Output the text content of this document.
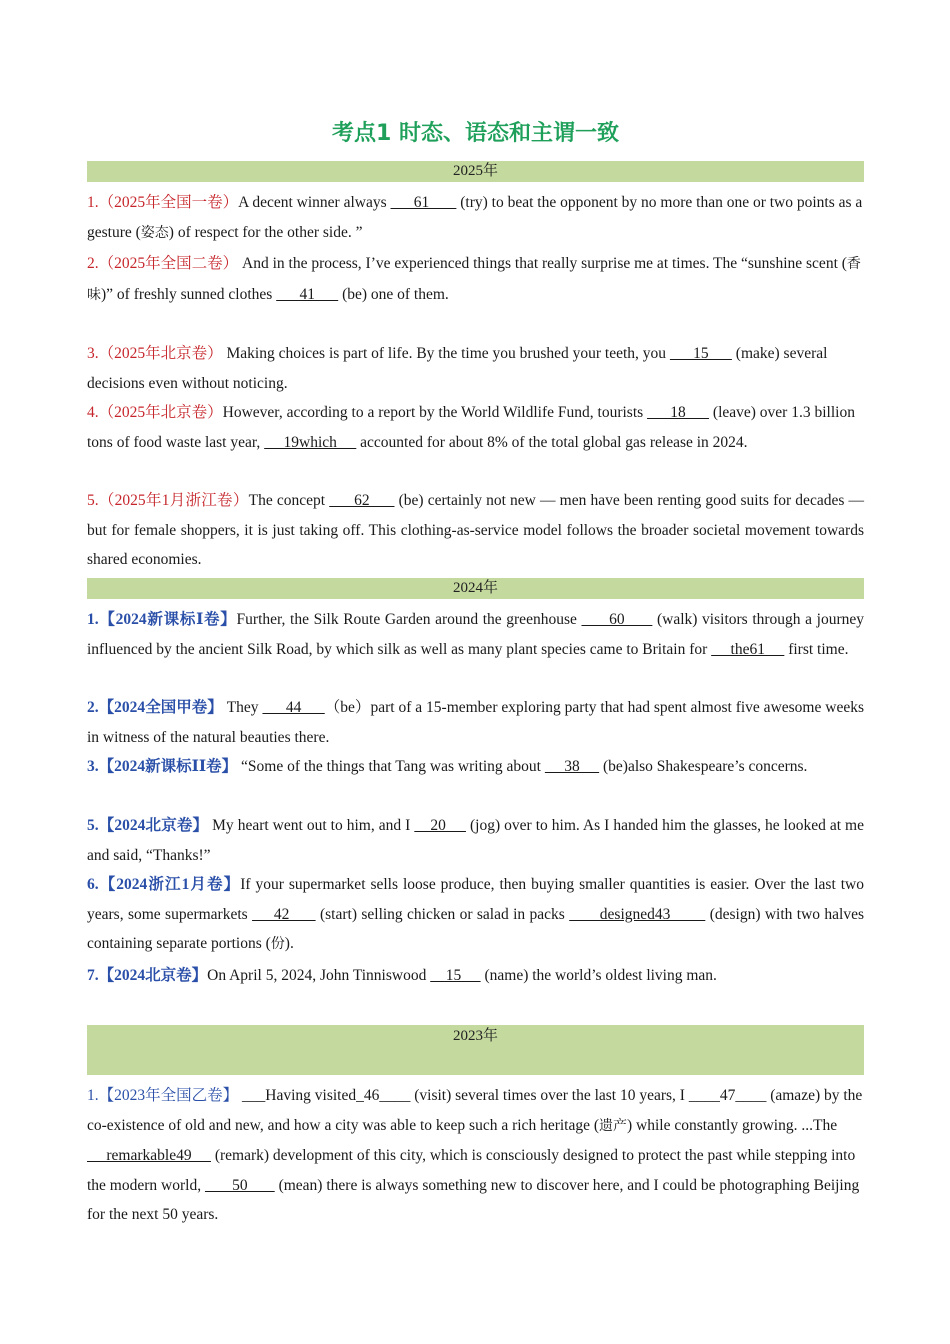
考点1 时态、语态和主谓一致
2025年
1.（2025年全国一卷）A decent winner always       61        (try) to beat the opponent by no more than one or two points as a gesture (姿态) of respect for the other side. ”
2.（2025年全国二卷） And in the process, I’ve experienced things that really surprise me at times. The “sunshine scent (香味)” of freshly sunned clothes       41       (be) one of them.
3.（2025年北京卷） Making choices is part of life. By the time you brushed your teeth, you       15       (make) several decisions even without noticing.
4.（2025年北京卷）However, according to a report by the World Wildlife Fund, tourists       18       (leave) over 1.3 billion tons of food waste last year,      19which      accounted for about 8% of the total global gas release in 2024.
5.（2025年1月浙江卷）The concept       62       (be) certainly not new — men have been renting good suits for decades — but for female shoppers, it is just taking off. This clothing-as-service model follows the broader societal movement towards shared economies.
2024年
1.【2024新课标Ⅰ卷】Further, the Silk Route Garden around the greenhouse       60       (walk) visitors through a journey influenced by the ancient Silk Road, by which silk as well as many plant species came to Britain for      the61      first time.
2.【2024全国甲卷】 They       44      （be）part of a 15-member exploring party that had spent almost five awesome weeks in witness of the natural beauties there.
3.【2024新课标ⅠⅠ卷】 “Some of the things that Tang was writing about      38      (be)also Shakespeare’s concerns.
5.【2024北京卷】 My heart went out to him, and I     20      (jog) over to him. As I handed him the glasses, he looked at me and said, “Thanks!”
6.【2024浙江1月卷】If your supermarket sells loose produce, then buying smaller quantities is easier. Over the last two years, some supermarkets      42       (start) selling chicken or salad in packs        designed43         (design) with two halves containing separate portions (份).
7.【2024北京卷】On April 5, 2024, John Tinniswood     15      (name) the world’s oldest living man.
2023年
1.【2023年全国乙卷】 ___Having visited_46____ (visit) several times over the last 10 years, I ____47____ (amaze) by the co-existence of old and new, and how a city was able to keep such a rich heritage (遗产) while constantly growing. ...The      remarkable49      (remark) development of this city, which is consciously designed to protect the past while stepping into the modern world,        50        (mean) there is always something new to discover here, and I could be photographing Beijing for the next 50 years.
